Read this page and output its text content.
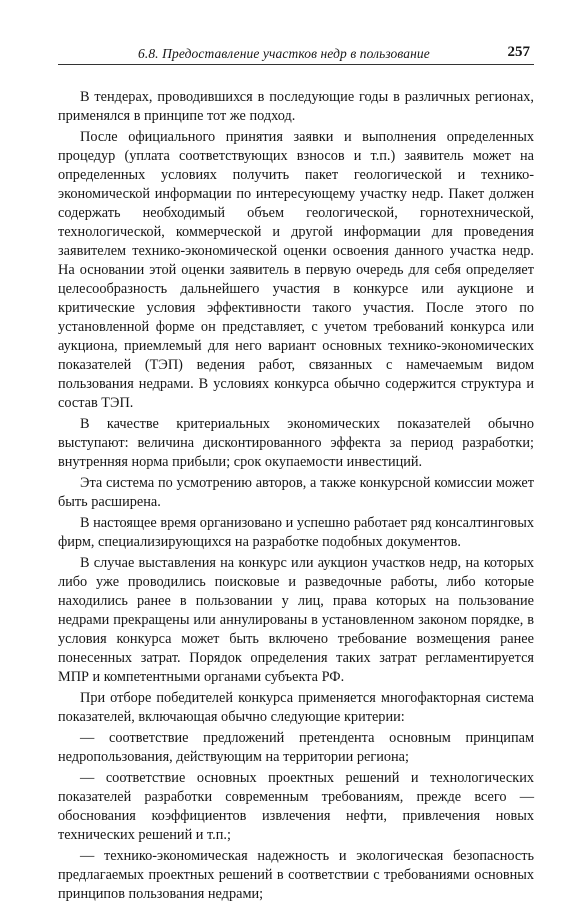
6.8. Предоставление участков недр в пользование	257

В тендерах, проводившихся в последующие годы в различных регионах, применялся в принципе тот же подход.

После официального принятия заявки и выполнения определенных процедур (уплата соответствующих взносов и т.п.) заявитель может на определенных условиях получить пакет геологической и технико-экономической информации по интересующему участку недр. Пакет должен содержать необходимый объем геологической, горнотехнической, технологической, коммерческой и другой информации для проведения заявителем технико-экономической оценки освоения данного участка недр. На основании этой оценки заявитель в первую очередь для себя определяет целесообразность дальнейшего участия в конкурсе или аукционе и критические условия эффективности такого участия. После этого по установленной форме он представляет, с учетом требований конкурса или аукциона, приемлемый для него вариант основных технико-экономических показателей (ТЭП) ведения работ, связанных с намечаемым видом пользования недрами. В условиях конкурса обычно содержится структура и состав ТЭП.

В качестве критериальных экономических показателей обычно выступают: величина дисконтированного эффекта за период разработки; внутренняя норма прибыли; срок окупаемости инвестиций.

Эта система по усмотрению авторов, а также конкурсной комиссии может быть расширена.

В настоящее время организовано и успешно работает ряд консалтинговых фирм, специализирующихся на разработке подобных документов.

В случае выставления на конкурс или аукцион участков недр, на которых либо уже проводились поисковые и разведочные работы, либо которые находились ранее в пользовании у лиц, права которых на пользование недрами прекращены или аннулированы в установленном законом порядке, в условия конкурса может быть включено требование возмещения ранее понесенных затрат. Порядок определения таких затрат регламентируется МПР и компетентными органами субъекта РФ.

При отборе победителей конкурса применяется многофакторная система показателей, включающая обычно следующие критерии:

— соответствие предложений претендента основным принципам недропользования, действующим на территории региона;

— соответствие основных проектных решений и технологических показателей разработки современным требованиям, прежде всего — обоснования коэффициентов извлечения нефти, привлечения новых технических решений и т.п.;

— технико-экономическая надежность и экологическая безопасность предлагаемых проектных решений в соответствии с требованиями основных принципов пользования недрами;
